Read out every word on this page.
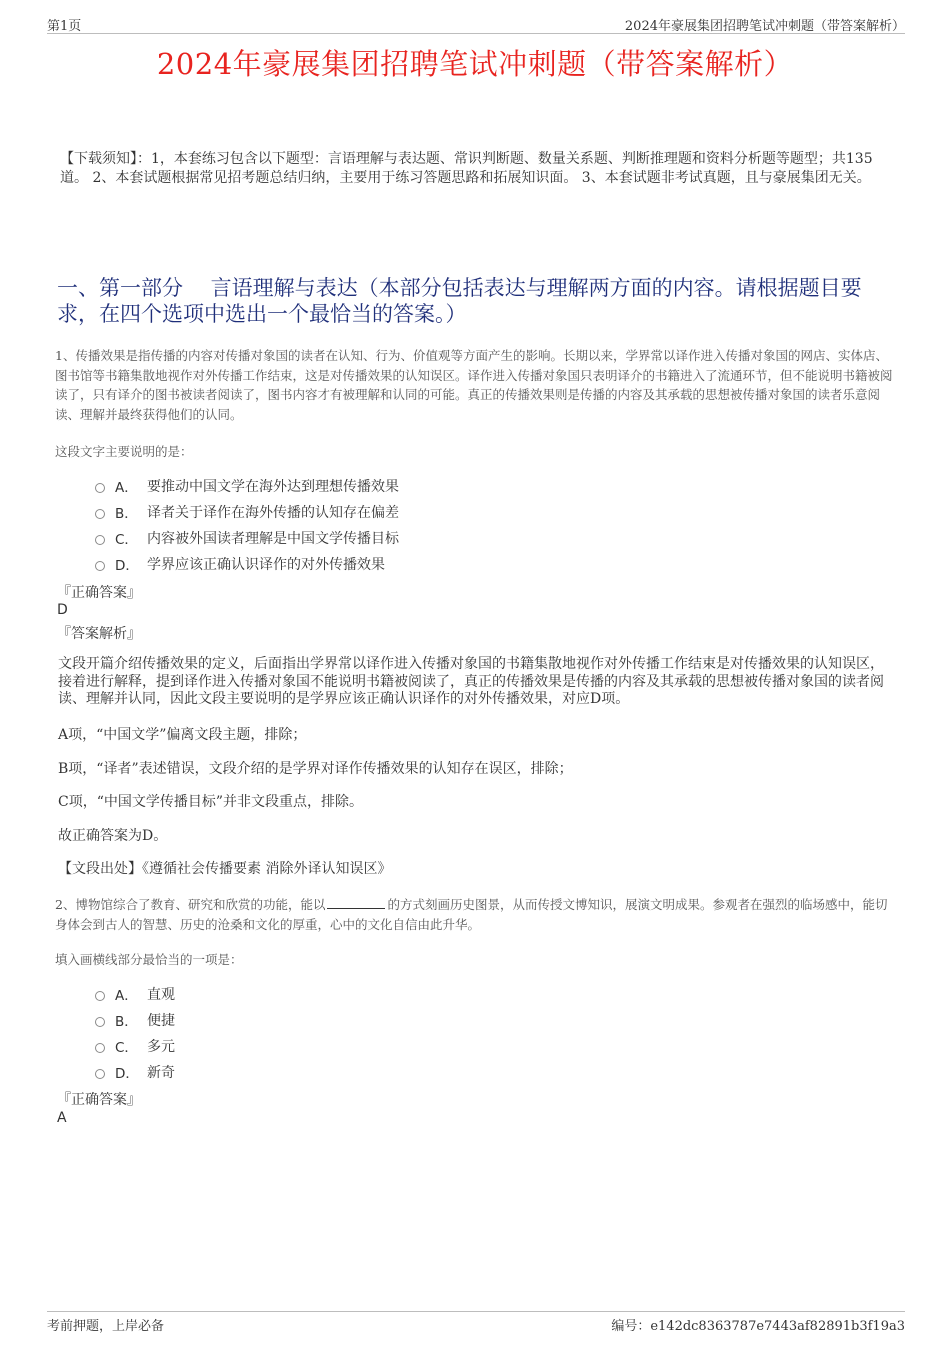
第1页	2024年豪展集团招聘笔试冲刺题（带答案解析）
2024年豪展集团招聘笔试冲刺题（带答案解析）
【下载须知】：1，本套练习包含以下题型：言语理解与表达题、常识判断题、数量关系题、判断推理题和资料分析题等题型；共135道。 2、本套试题根据常见招考题总结归纳，主要用于练习答题思路和拓展知识面。 3、本套试题非考试真题，且与豪展集团无关。
一、第一部分　 言语理解与表达（本部分包括表达与理解两方面的内容。请根据题目要求，在四个选项中选出一个最恰当的答案。）
1、传播效果是指传播的内容对传播对象国的读者在认知、行为、价值观等方面产生的影响。长期以来，学界常以译作进入传播对象国的网店、实体店、图书馆等书籍集散地视作对外传播工作结束，这是对传播效果的认知误区。译作进入传播对象国只表明译介的书籍进入了流通环节，但不能说明书籍被阅读了，只有译介的图书被读者阅读了，图书内容才有被理解和认同的可能。真正的传播效果则是传播的内容及其承载的思想被传播对象国的读者乐意阅读、理解并最终获得他们的认同。
这段文字主要说明的是：
A． 要推动中国文学在海外达到理想传播效果
B． 译者关于译作在海外传播的认知存在偏差
C． 内容被外国读者理解是中国文学传播目标
D． 学界应该正确认识译作的对外传播效果
『正确答案』
D
『答案解析』
文段开篇介绍传播效果的定义，后面指出学界常以译作进入传播对象国的书籍集散地视作对外传播工作结束是对传播效果的认知误区，接着进行解释，提到译作进入传播对象国不能说明书籍被阅读了，真正的传播效果是传播的内容及其承载的思想被传播对象国的读者阅读、理解并认同，因此文段主要说明的是学界应该正确认识译作的对外传播效果，对应D项。
A项，“中国文学”偏离文段主题，排除；
B项，“译者”表述错误，文段介绍的是学界对译作传播效果的认知存在误区，排除；
C项，“中国文学传播目标”并非文段重点，排除。
故正确答案为D。
【文段出处】《遵循社会传播要素 消除外译认知误区》
2、博物馆综合了教育、研究和欣赏的功能，能以	的方式刻画历史图景，从而传授文博知识，展演文明成果。参观者在强烈的临场感中，能切身体会到古人的智慧、历史的沧桑和文化的厚重，心中的文化自信由此升华。
填入画横线部分最恰当的一项是：
A． 直观
B． 便捷
C． 多元
D． 新奇
『正确答案』
A
考前押题，上岸必备	编号：e142dc8363787e7443af82891b3f19a3
